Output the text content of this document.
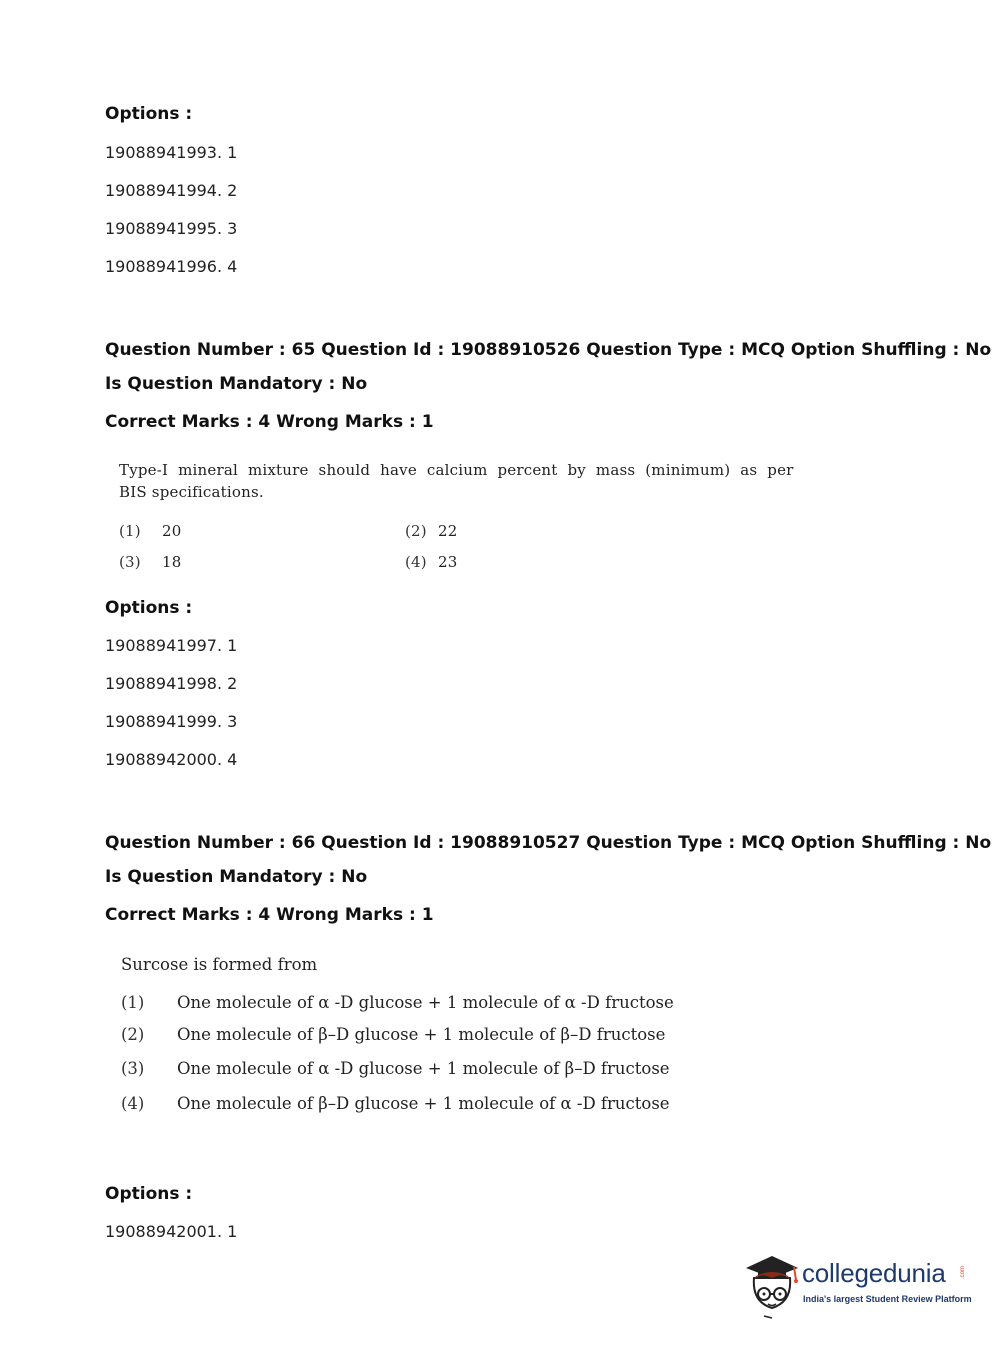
Options :
19088941993. 1
19088941994. 2
19088941995. 3
19088941996. 4
Question Number : 65 Question Id : 19088910526 Question Type : MCQ Option Shuffling : No
Is Question Mandatory : No
Correct Marks : 4 Wrong Marks : 1
Type-I mineral mixture should have calcium percent by mass (minimum) as per
BIS specifications.
(1) 20	(2) 22
(3) 18	(4) 23
Options :
19088941997. 1
19088941998. 2
19088941999. 3
19088942000. 4
Question Number : 66 Question Id : 19088910527 Question Type : MCQ Option Shuffling : No
Is Question Mandatory : No
Correct Marks : 4 Wrong Marks : 1
Surcose is formed from
(1) One molecule of α -D glucose + 1 molecule of α -D fructose
(2) One molecule of β–D glucose + 1 molecule of β–D fructose
(3) One molecule of α -D glucose + 1 molecule of β–D fructose
(4) One molecule of β–D glucose + 1 molecule of α -D fructose
Options :
19088942001. 1
collegedunia .com
India's largest Student Review Platform
